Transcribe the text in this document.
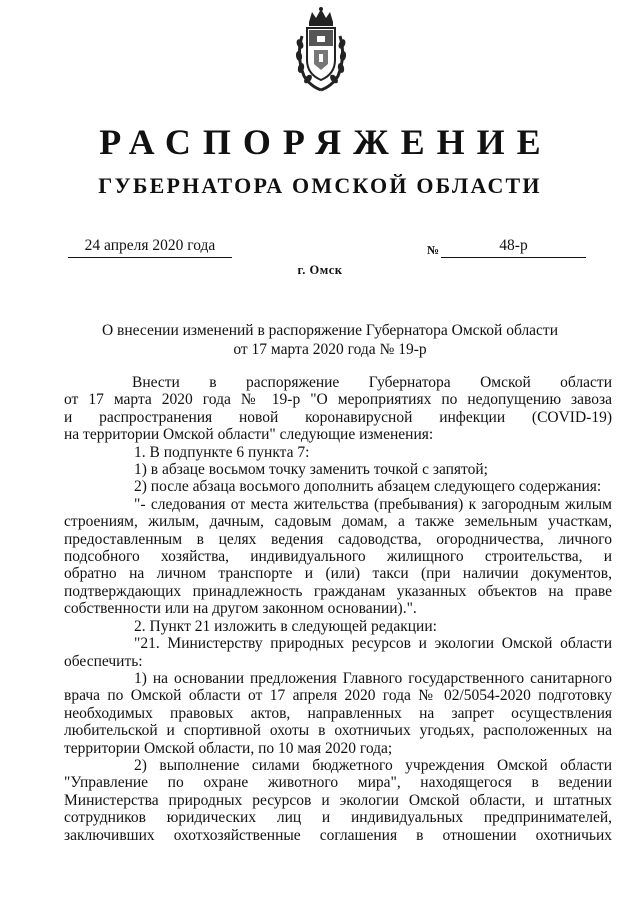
РАСПОРЯЖЕНИЕ
ГУБЕРНАТОРА ОМСКОЙ ОБЛАСТИ
24 апреля 2020 года	№	48-р
г. Омск
О внесении изменений в распоряжение Губернатора Омской области
от 17 марта 2020 года № 19-р

Внести в распоряжение Губернатора Омской области

от 17 марта 2020 года № 19-р "О мероприятиях по недопущению завоза

и распространения новой коронавирусной инфекции (COVID-19)

на территории Омской области" следующие изменения:

1. В подпункте 6 пункта 7:

1) в абзаце восьмом точку заменить точкой с запятой;

2) после абзаца восьмого дополнить абзацем следующего содержания:

"- следования от места жительства (пребывания) к загородным жилым

строениям, жилым, дачным, садовым домам, а также земельным участкам,

предоставленным в целях ведения садоводства, огородничества, личного

подсобного хозяйства, индивидуального жилищного строительства, и

обратно на личном транспорте и (или) такси (при наличии документов,

подтверждающих принадлежность гражданам указанных объектов на праве

собственности или на другом законном основании).".

2. Пункт 21 изложить в следующей редакции:

"21. Министерству природных ресурсов и экологии Омской области

обеспечить:

1) на основании предложения Главного государственного санитарного

врача по Омской области от 17 апреля 2020 года № 02/5054-2020 подготовку

необходимых правовых актов, направленных на запрет осуществления

любительской и спортивной охоты в охотничьих угодьях, расположенных на

территории Омской области, по 10 мая 2020 года;

2) выполнение силами бюджетного учреждения Омской области

"Управление по охране животного мира", находящегося в ведении

Министерства природных ресурсов и экологии Омской области, и штатных

сотрудников юридических лиц и индивидуальных предпринимателей,

заключивших охотхозяйственные соглашения в отношении охотничьих
